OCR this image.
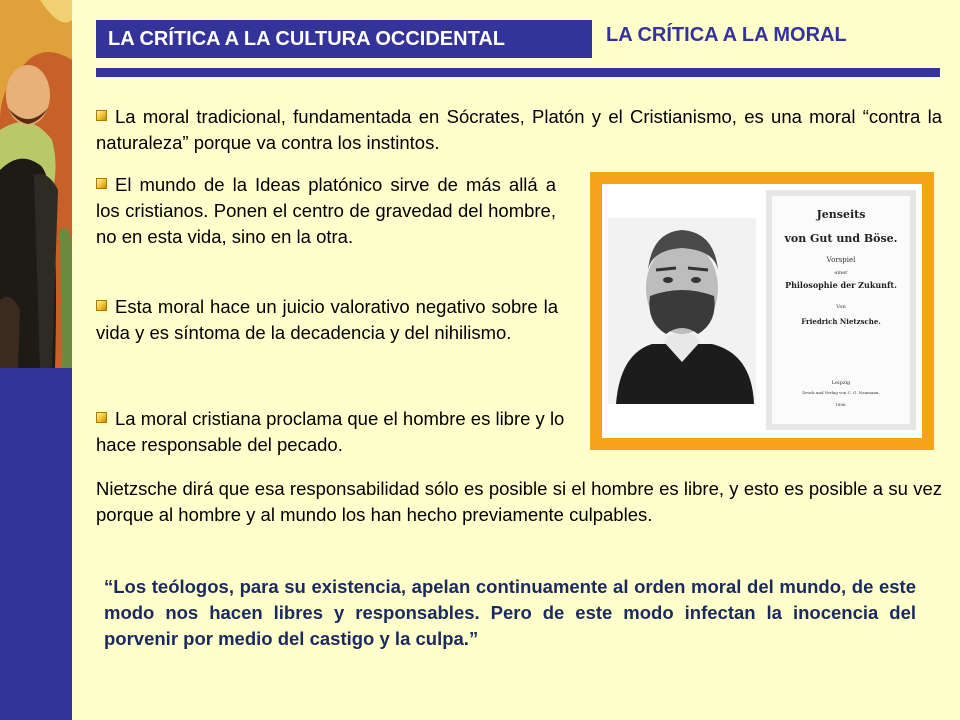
LA CRÍTICA A LA CULTURA OCCIDENTAL	LA CRÍTICA A LA MORAL
La moral tradicional, fundamentada en Sócrates, Platón y el Cristianismo, es una moral “contra la naturaleza” porque va contra los instintos.
El mundo de la Ideas platónico sirve de más allá a los cristianos. Ponen el centro de gravedad del hombre, no en esta vida, sino en la otra.
Esta moral hace un juicio valorativo negativo sobre la vida y es síntoma de la decadencia y del nihilismo.
La moral cristiana proclama que el hombre es libre y lo hace responsable del pecado.
Nietzsche dirá que esa responsabilidad sólo es posible si el hombre es libre, y esto es posible a su vez porque al hombre y al mundo los han hecho previamente culpables.
“Los teólogos, para su existencia, apelan continuamente al orden moral del mundo, de este modo nos hacen libres y responsables. Pero de este modo infectan la inocencia del porvenir por medio del castigo y la culpa.”
Jenseits
von Gut und Böse.
Vorspiel
einer
Philosophie der Zukunft.
Von
Friedrich Nietzsche.
Leipzig
Druck und Verlag von C. G. Naumann.
1886.
